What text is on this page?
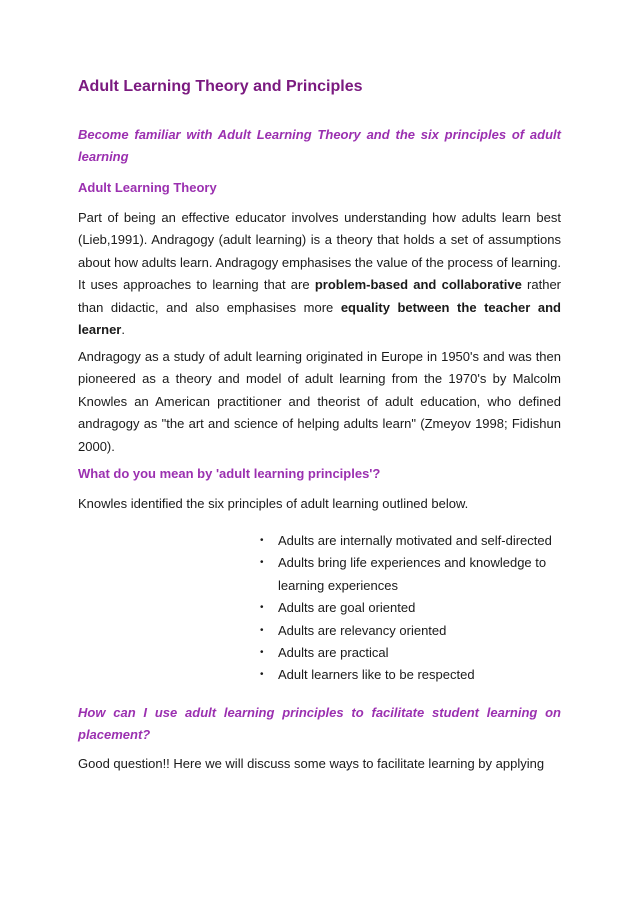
Adult Learning Theory and Principles
Become familiar with Adult Learning Theory and the six principles of adult learning
Adult Learning Theory
Part of being an effective educator involves understanding how adults learn best (Lieb,1991). Andragogy (adult learning) is a theory that holds a set of assumptions about how adults learn. Andragogy emphasises the value of the process of learning. It uses approaches to learning that are problem-based and collaborative rather than didactic, and also emphasises more equality between the teacher and learner.
Andragogy as a study of adult learning originated in Europe in 1950's and was then pioneered as a theory and model of adult learning from the 1970's by Malcolm Knowles an American practitioner and theorist of adult education, who defined andragogy as "the art and science of helping adults learn" (Zmeyov 1998; Fidishun 2000).
What do you mean by 'adult learning principles'?
Knowles identified the six principles of adult learning outlined below.
• Adults are internally motivated and self-directed
• Adults bring life experiences and knowledge to learning experiences
• Adults are goal oriented
• Adults are relevancy oriented
• Adults are practical
• Adult learners like to be respected
How can I use adult learning principles to facilitate student learning on placement?
Good question!! Here we will discuss some ways to facilitate learning by applying
